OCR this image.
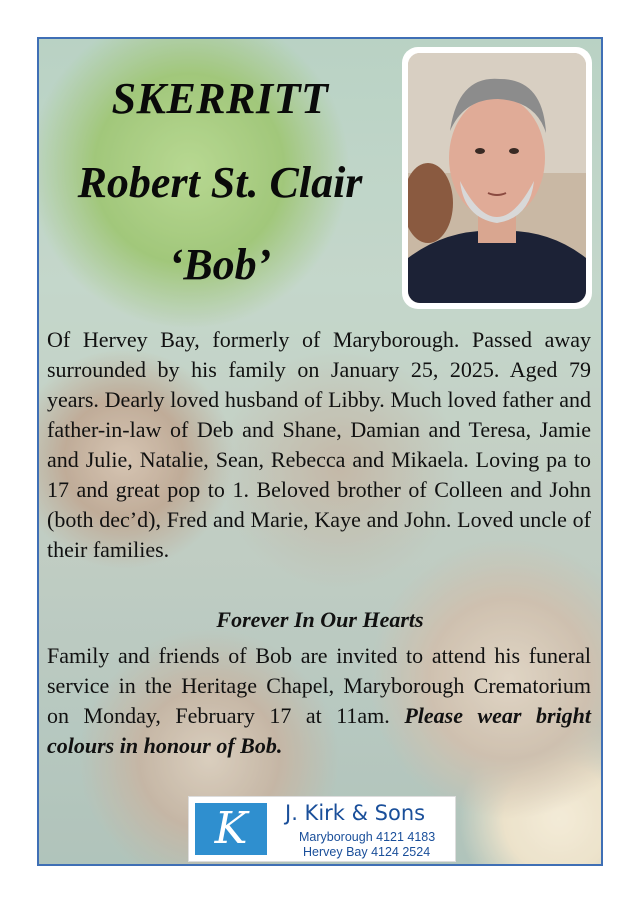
SKERRITT
Robert St. Clair
‘Bob’
Of Hervey Bay, formerly of Maryborough. Passed away surrounded by his family on January 25, 2025. Aged 79 years. Dearly loved husband of Libby. Much loved father and father-in-law of Deb and Shane, Damian and Teresa, Jamie and Julie, Natalie, Sean, Rebecca and Mikaela. Loving pa to 17 and great pop to 1. Beloved brother of Colleen and John (both dec’d), Fred and Marie, Kaye and John. Loved uncle of their families.
Forever In Our Hearts
Family and friends of Bob are invited to attend his funeral service in the Heritage Chapel, Maryborough Crematorium on Monday, February 17 at 11am. Please wear bright colours in honour of Bob.
K	J. Kirk & Sons
Maryborough 4121 4183
Hervey Bay 4124 2524
